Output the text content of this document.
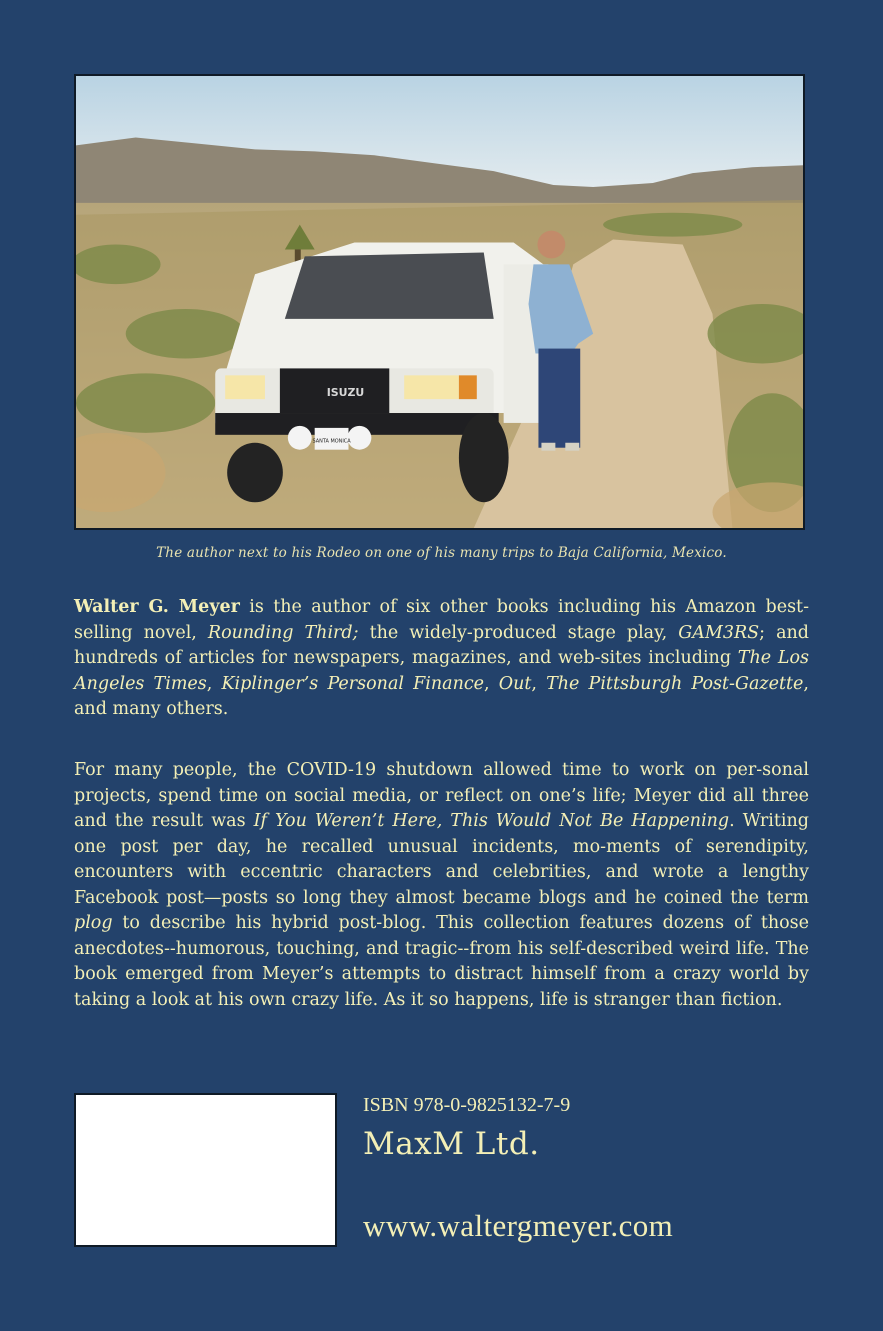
ISUZU
SANTA MONICA
The author next to his Rodeo on one of his many trips to Baja California, Mexico.
Walter G. Meyer is the author of six other books including his Amazon best-selling novel, Rounding Third; the widely-produced stage play, GAM3RS; and hundreds of articles for newspapers, magazines, and web-sites including The Los Angeles Times, Kiplinger’s Personal Finance, Out, The Pittsburgh Post-Gazette, and many others.
For many people, the COVID-19 shutdown allowed time to work on per-sonal projects, spend time on social media, or reflect on one’s life; Meyer did all three and the result was If You Weren’t Here, This Would Not Be Happening. Writing one post per day, he recalled unusual incidents, mo-ments of serendipity, encounters with eccentric characters and celebrities, and wrote a lengthy Facebook post—posts so long they almost became blogs and he coined the term plog to describe his hybrid post-blog. This collection features dozens of those anecdotes--humorous, touching, and tragic--from his self-described weird life. The book emerged from Meyer’s attempts to distract himself from a crazy world by taking a look at his own crazy life. As it so happens, life is stranger than fiction.
ISBN 978-0-9825132-7-9
MaxM Ltd.
www.waltergmeyer.com
